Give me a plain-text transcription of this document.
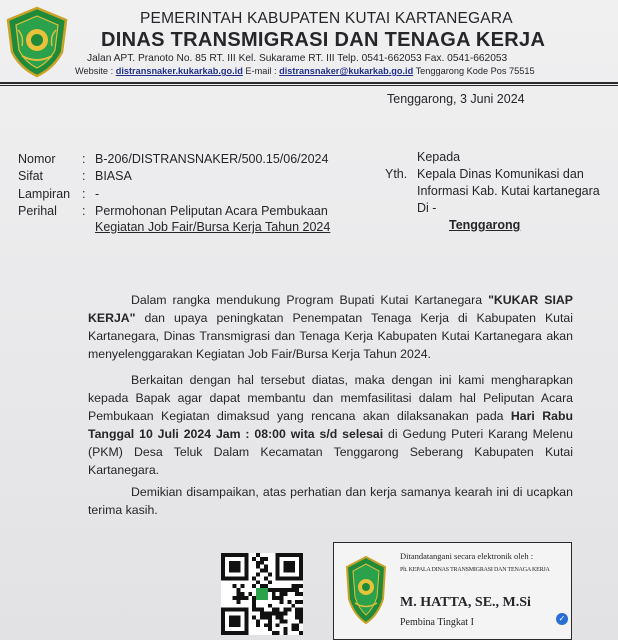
PEMERINTAH KABUPATEN KUTAI KARTANEGARA
DINAS TRANSMIGRASI DAN TENAGA KERJA
Jalan APT. Pranoto No. 85 RT. III Kel. Sukarame RT. III Telp. 0541-662053 Fax. 0541-662053
Website : distransnaker.kukarkab.go.id E-mail : distransnaker@kukarkab.go.id Tenggarong Kode Pos 75515
Tenggarong, 3 Juni 2024
Nomor : B-206/DISTRANSNAKER/500.15/06/2024
Sifat	: BIASA
Lampiran : -
Perihal : Permohonan Peliputan Acara Pembukaan
Kegiatan Job Fair/Bursa Kerja Tahun 2024
Kepada
Yth. Kepala Dinas Komunikasi dan
Informasi Kab. Kutai kartanegara
Di -
Tenggarong
Dalam rangka mendukung Program Bupati Kutai Kartanegara "KUKAR SIAP KERJA" dan upaya peningkatan Penempatan Tenaga Kerja di Kabupaten Kutai Kartanegara, Dinas Transmigrasi dan Tenaga Kerja Kabupaten Kutai Kartanegara akan menyelenggarakan Kegiatan Job Fair/Bursa Kerja Tahun 2024.
Berkaitan dengan hal tersebut diatas, maka dengan ini kami mengharapkan kepada Bapak agar dapat membantu dan memfasilitasi dalam hal Peliputan Acara Pembukaan Kegiatan dimaksud yang rencana akan dilaksanakan pada Hari Rabu Tanggal 10 Juli 2024 Jam : 08:00 wita s/d selesai di Gedung Puteri Karang Melenu (PKM) Desa Teluk Dalam Kecamatan Tenggarong Seberang Kabupaten Kutai Kartanegara.
Demikian disampaikan, atas perhatian dan kerja samanya kearah ini di ucapkan terima kasih.
Ditandatangani secara elektronik oleh :
Plt. KEPALA DINAS TRANSMIGRASI DAN TENAGA KERJA
M. HATTA, SE., M.Si
Pembina Tingkat I	✓
